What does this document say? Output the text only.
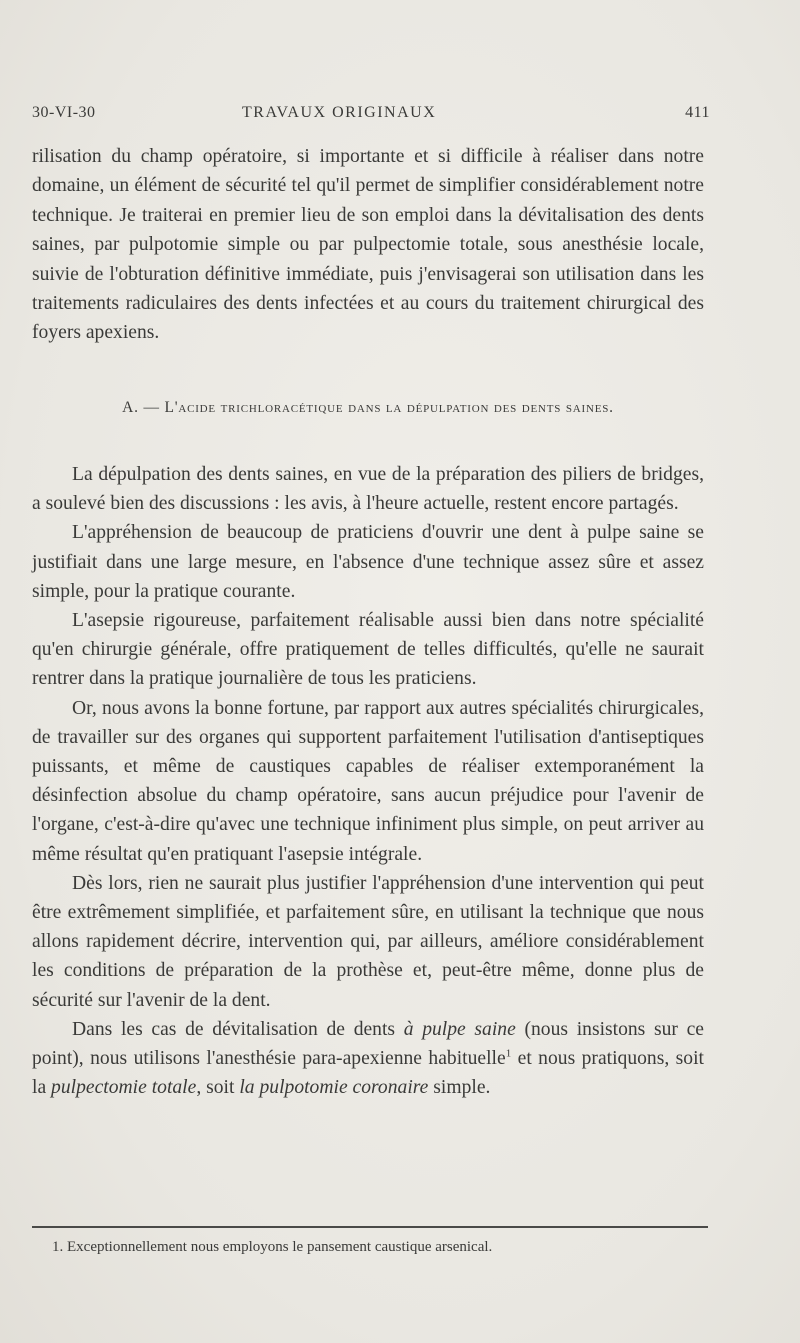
30-VI-30	TRAVAUX ORIGINAUX	411

rilisation du champ opératoire, si importante et si difficile à réaliser dans notre domaine, un élément de sécurité tel qu'il permet de simplifier considérablement notre technique. Je traiterai en premier lieu de son emploi dans la dévitalisation des dents saines, par pulpotomie simple ou par pulpectomie totale, sous anesthésie locale, suivie de l'obturation définitive immédiate, puis j'envisagerai son utilisation dans les traitements radiculaires des dents infectées et au cours du traitement chirurgical des foyers apexiens.

A. — L'acide trichloracétique dans la dépulpation des dents saines.

La dépulpation des dents saines, en vue de la préparation des piliers de bridges, a soulevé bien des discussions : les avis, à l'heure actuelle, restent encore partagés.

L'appréhension de beaucoup de praticiens d'ouvrir une dent à pulpe saine se justifiait dans une large mesure, en l'absence d'une technique assez sûre et assez simple, pour la pratique courante.

L'asepsie rigoureuse, parfaitement réalisable aussi bien dans notre spécialité qu'en chirurgie générale, offre pratiquement de telles difficultés, qu'elle ne saurait rentrer dans la pratique journalière de tous les praticiens.

Or, nous avons la bonne fortune, par rapport aux autres spécialités chirurgicales, de travailler sur des organes qui supportent parfaitement l'utilisation d'antiseptiques puissants, et même de caustiques capables de réaliser extemporanément la désinfection absolue du champ opératoire, sans aucun préjudice pour l'avenir de l'organe, c'est-à-dire qu'avec une technique infiniment plus simple, on peut arriver au même résultat qu'en pratiquant l'asepsie intégrale.

Dès lors, rien ne saurait plus justifier l'appréhension d'une intervention qui peut être extrêmement simplifiée, et parfaitement sûre, en utilisant la technique que nous allons rapidement décrire, intervention qui, par ailleurs, améliore considérablement les conditions de préparation de la prothèse et, peut-être même, donne plus de sécurité sur l'avenir de la dent.

Dans les cas de dévitalisation de dents à pulpe saine (nous insistons sur ce point), nous utilisons l'anesthésie para-apexienne habituelle$^1$ et nous pratiquons, soit la pulpectomie totale, soit la pulpotomie coronaire simple.

1. Exceptionnellement nous employons le pansement caustique arsenical.
